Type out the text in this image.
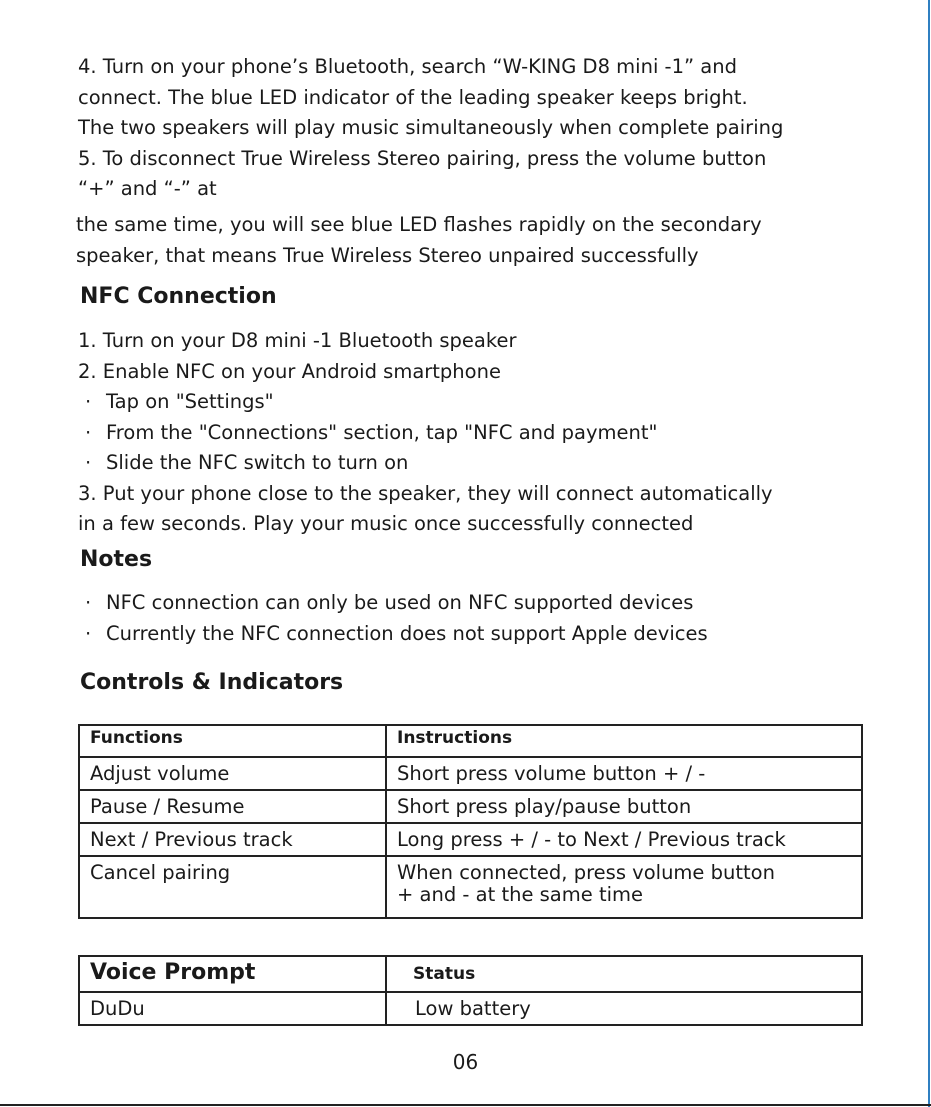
4. Turn on your phone’s Bluetooth, search “W-KING D8 mini -1” and
connect. The blue LED indicator of the leading speaker keeps bright.
The two speakers will play music simultaneously when complete pairing
5. To disconnect True Wireless Stereo pairing, press the volume button
“+” and “-” at
the same time, you will see blue LED flashes rapidly on the secondary
speaker, that means True Wireless Stereo unpaired successfully
NFC Connection
1. Turn on your D8 mini -1 Bluetooth speaker
2. Enable NFC on your Android smartphone
· Tap on "Settings"
· From the "Connections" section, tap "NFC and payment"
· Slide the NFC switch to turn on
3. Put your phone close to the speaker, they will connect automatically
in a few seconds. Play your music once successfully connected
Notes
· NFC connection can only be used on NFC supported devices
· Currently the NFC connection does not support Apple devices
Controls & Indicators
Functions	Instructions
Adjust volume	Short press volume button + / -
Pause / Resume	Short press play/pause button
Next / Previous track	Long press + / - to Next / Previous track
Cancel pairing	When connected, press volume button
+ and - at the same time
Voice Prompt	Status
DuDu	Low battery
06
